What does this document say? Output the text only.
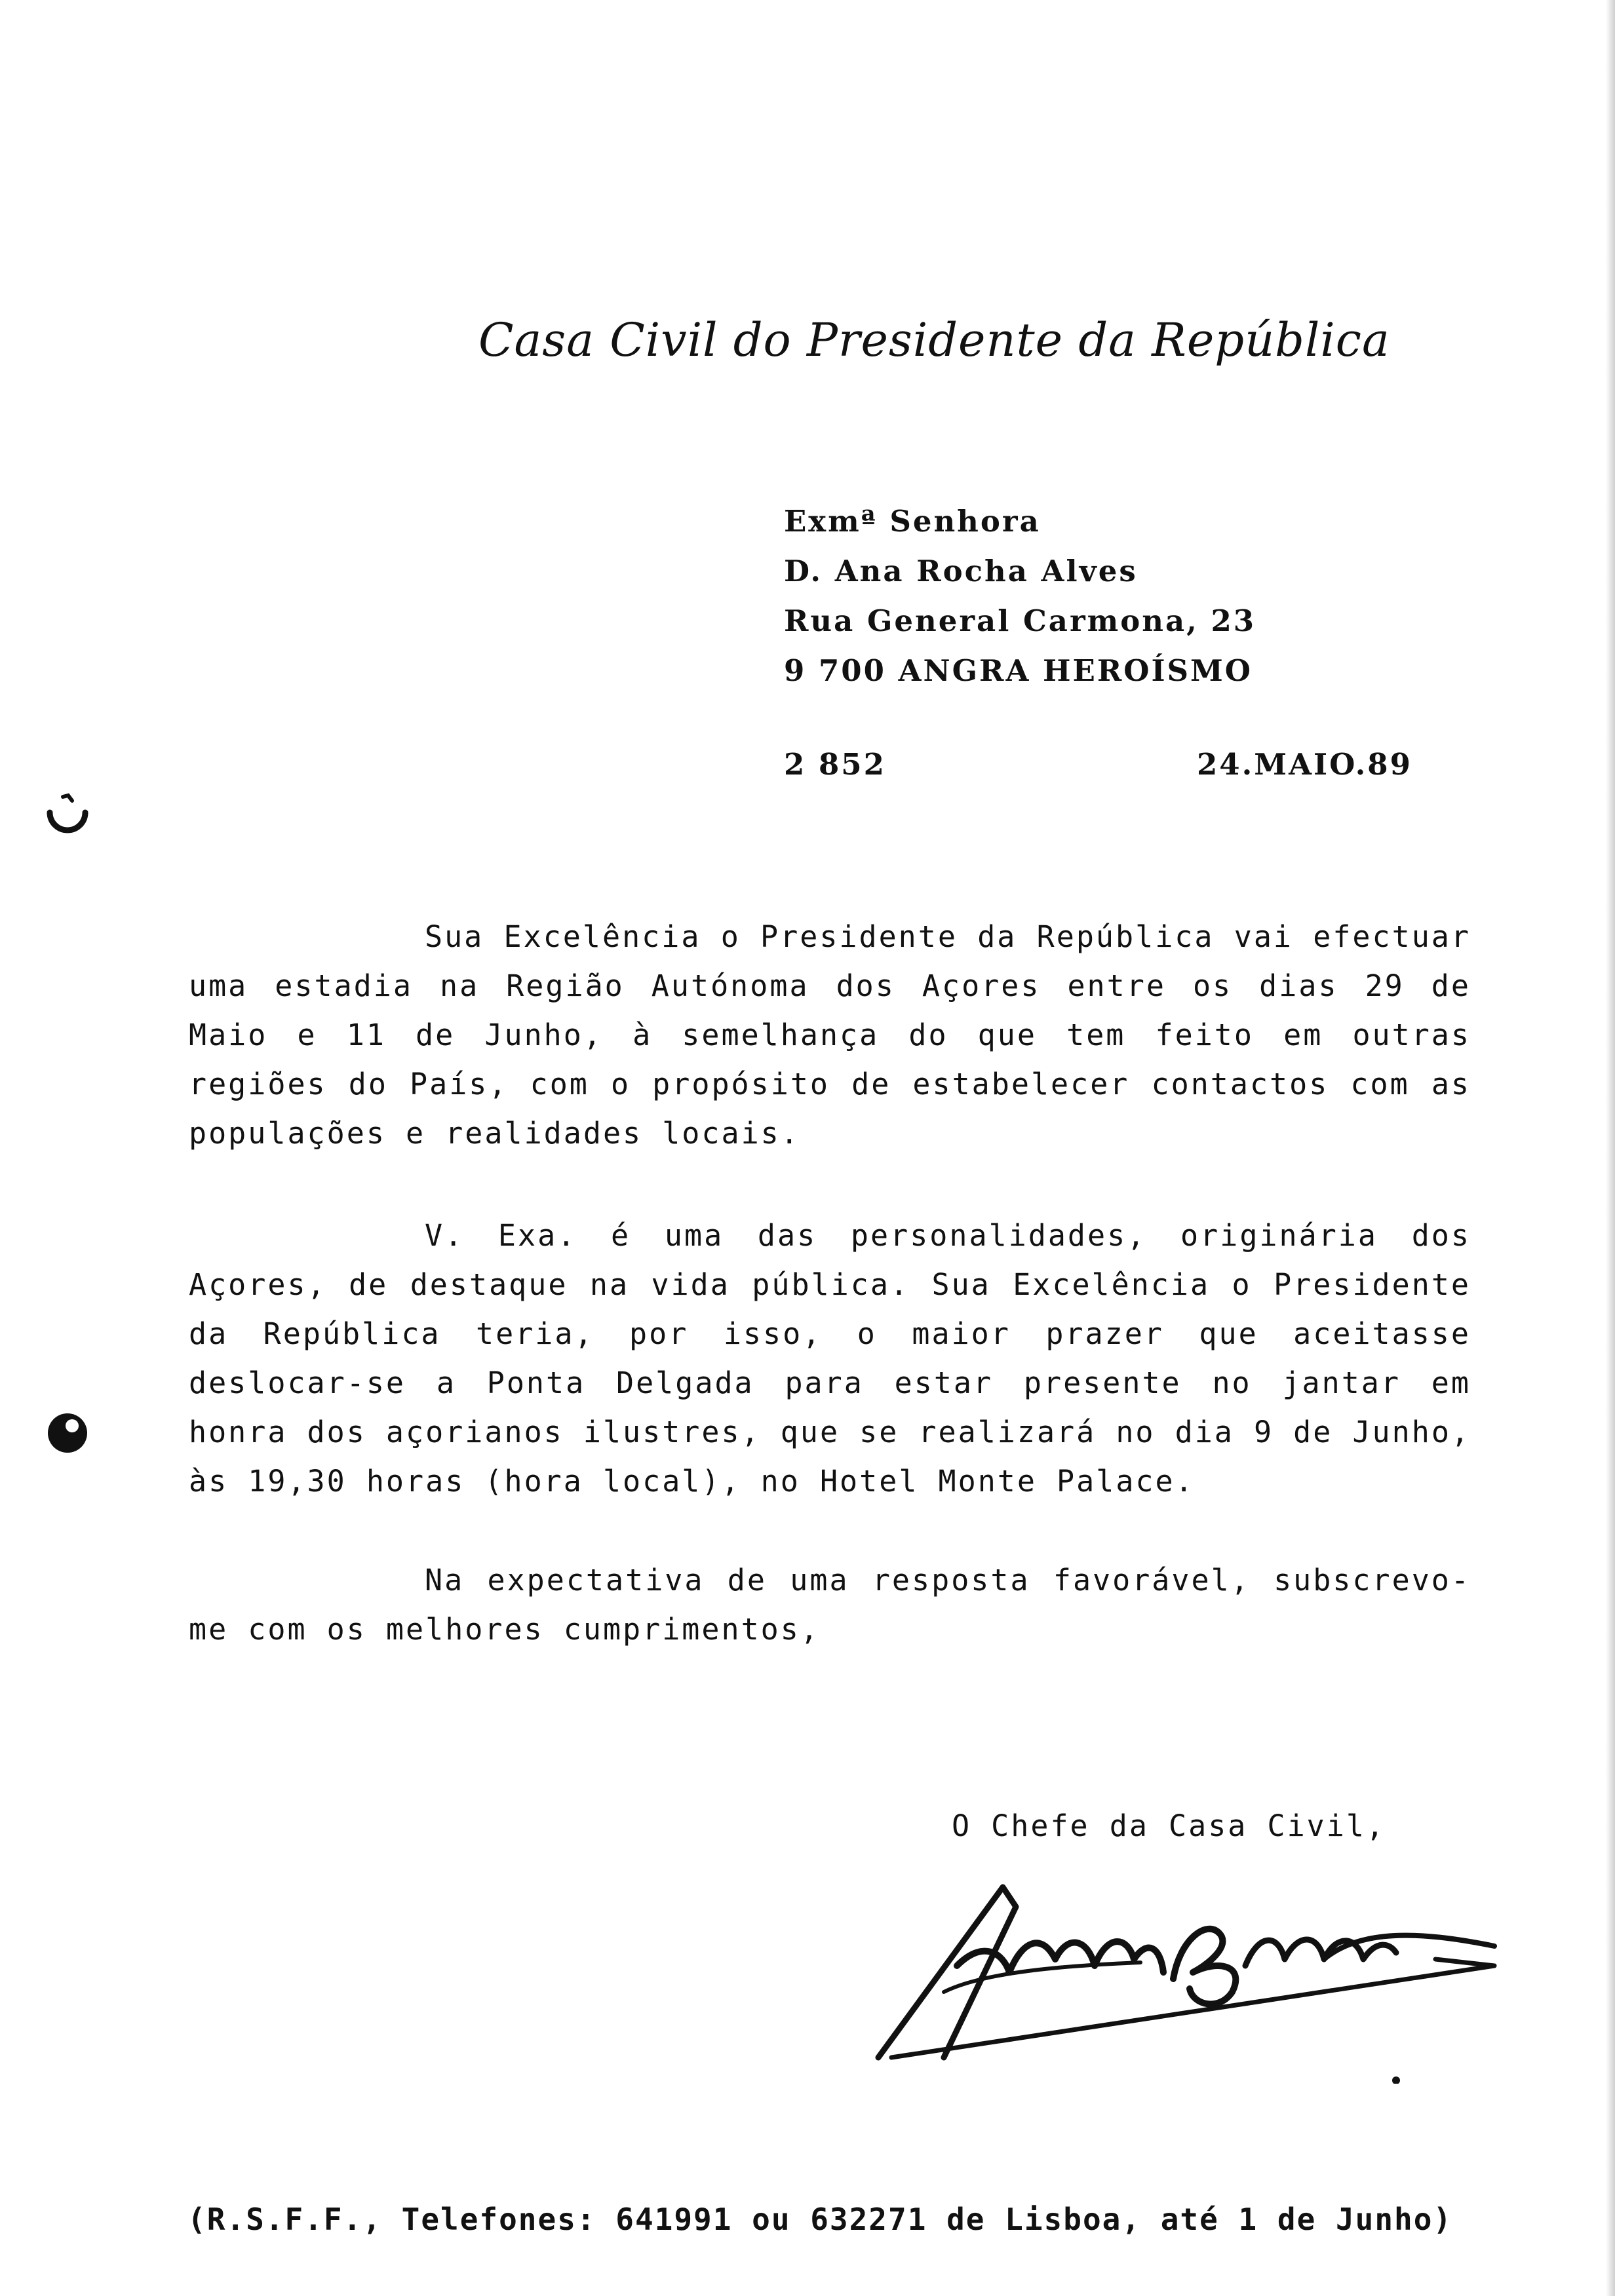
Casa Civil do Presidente da República
Exmª Senhora
D. Ana Rocha Alves
Rua General Carmona, 23
9 700 ANGRA HEROÍSMO
2 852	24.MAIO.89
Sua Excelência o Presidente da República vai efectuar uma estadia na Região Autónoma dos Açores entre os dias 29 de Maio e 11 de Junho, à semelhança do que tem feito em outras regiões do País, com o propósito de estabelecer contactos com as populações e realidades locais.
V. Exa. é uma das personalidades, originária dos Açores, de destaque na vida pública. Sua Excelência o Presidente da República teria, por isso, o maior prazer que aceitasse deslocar-se a Ponta Delgada para estar presente no jantar em honra dos açorianos ilustres, que se realizará no dia 9 de Junho, às 19,30 horas (hora local), no Hotel Monte Palace.
Na expectativa de uma resposta favorável, subscrevo-me com os melhores cumprimentos,
O Chefe da Casa Civil,
(R.S.F.F., Telefones: 641991 ou 632271 de Lisboa, até 1 de Junho)
